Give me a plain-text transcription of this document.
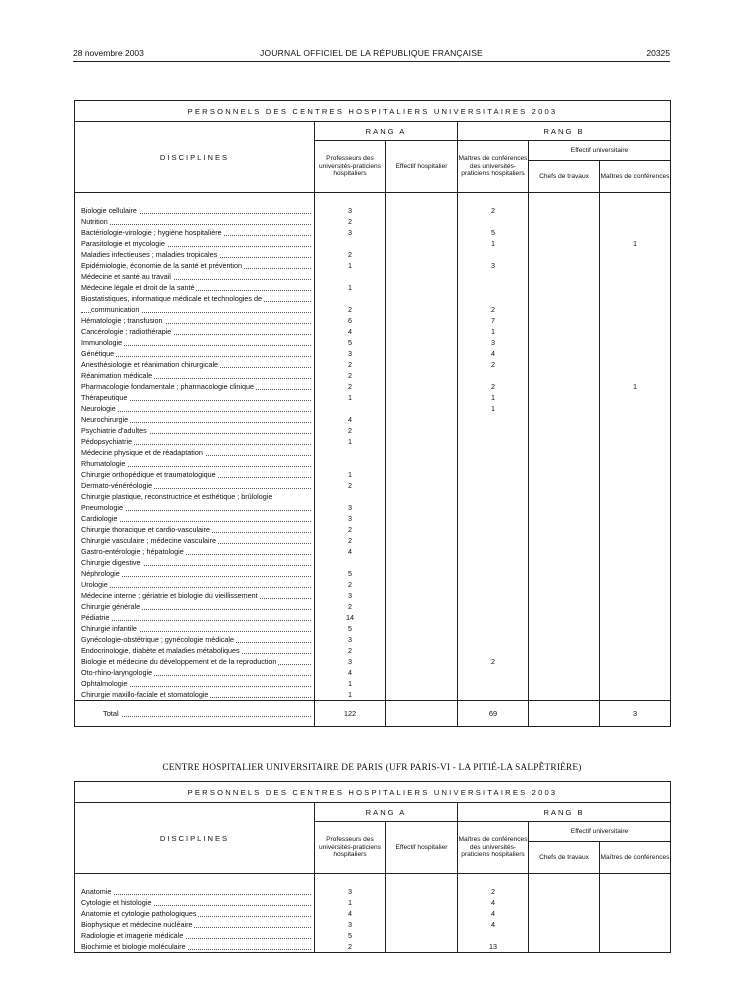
28 novembre 2003	JOURNAL OFFICIEL DE LA RÉPUBLIQUE FRANÇAISE	20325
PERSONNELS DES CENTRES HOSPITALIERS UNIVERSITAIRES 2003					
DISCIPLINES	RANG A		RANG B		
	Professeurs des universités-praticiens hospitaliers	Effectif hospitalier	Maîtres de conférences des universités-praticiens hospitaliers	Effectif universitaire	
				Chefs de travaux	Maîtres de conférences

Biologie cellulaire	3		2		

Nutrition	2				

Bactériologie-virologie ; hygiène hospitalière	3		5		

Parasitologie et mycologie			1		1

Maladies infectieuses ; maladies tropicales	2				

Epidémiologie, économie de la santé et prévention	1		3		

Médecine et santé au travail					

Médecine légale et droit de la santé	1				

Biostatistiques, informatique médicale et technologies de					

communication	2		2		

Hématologie ; transfusion	6		7		

Cancérologie ; radiothérapie	4		1		

Immunologie	5		3		

Génétique	3		4		

Anesthésiologie et réanimation chirurgicale	2		2		

Réanimation médicale	2				

Pharmacologie fondamentale ; pharmacologie clinique	2		2		1

Thérapeutique	1		1		

Neurologie			1		

Neurochirurgie	4				

Psychiatrie d'adultes	2				

Pédopsychiatrie	1				

Médecine physique et de réadaptation					

Rhumatologie					

Chirurgie orthopédique et traumatologique	1				

Dermato-vénéréologie	2				

Chirurgie plastique, reconstructrice et esthétique ; brûlologie					

Pneumologie	3				

Cardiologie	3				

Chirurgie thoracique et cardio-vasculaire	2				

Chirurgie vasculaire ; médecine vasculaire	2				

Gastro-entérologie ; hépatologie	4				

Chirurgie digestive					

Néphrologie	5				

Urologie	2				

Médecine interne ; gériatrie et biologie du vieillissement	3				

Chirurgie générale	2				

Pédiatrie	14				

Chirurgie infantile	5				

Gynécologie-obstétrique ; gynécologie médicale	3				

Endocrinologie, diabète et maladies métaboliques	2				

Biologie et médecine du développement et de la reproduction	3		2		

Oto-rhino-laryngologie	4				

Ophtalmologie	1				

Chirurgie maxillo-faciale et stomatologie	1				

Total	122		69		3
CENTRE HOSPITALIER UNIVERSITAIRE DE PARIS (UFR PARIS-VI - LA PITIÉ-LA SALPÊTRIÈRE)
PERSONNELS DES CENTRES HOSPITALIERS UNIVERSITAIRES 2003					
DISCIPLINES	RANG A		RANG B		
	Professeurs des universités-praticiens hospitaliers	Effectif hospitalier	Maîtres de conférences des universités-praticiens hospitaliers	Effectif universitaire	
				Chefs de travaux	Maîtres de conférences

Anatomie	3		2		

Cytologie et histologie	1		4		

Anatomie et cytologie pathologiques	4		4		

Biophysique et médecine nucléaire	3		4		

Radiologie et imagerie médicale	5				

Biochimie et biologie moléculaire	2		13		
